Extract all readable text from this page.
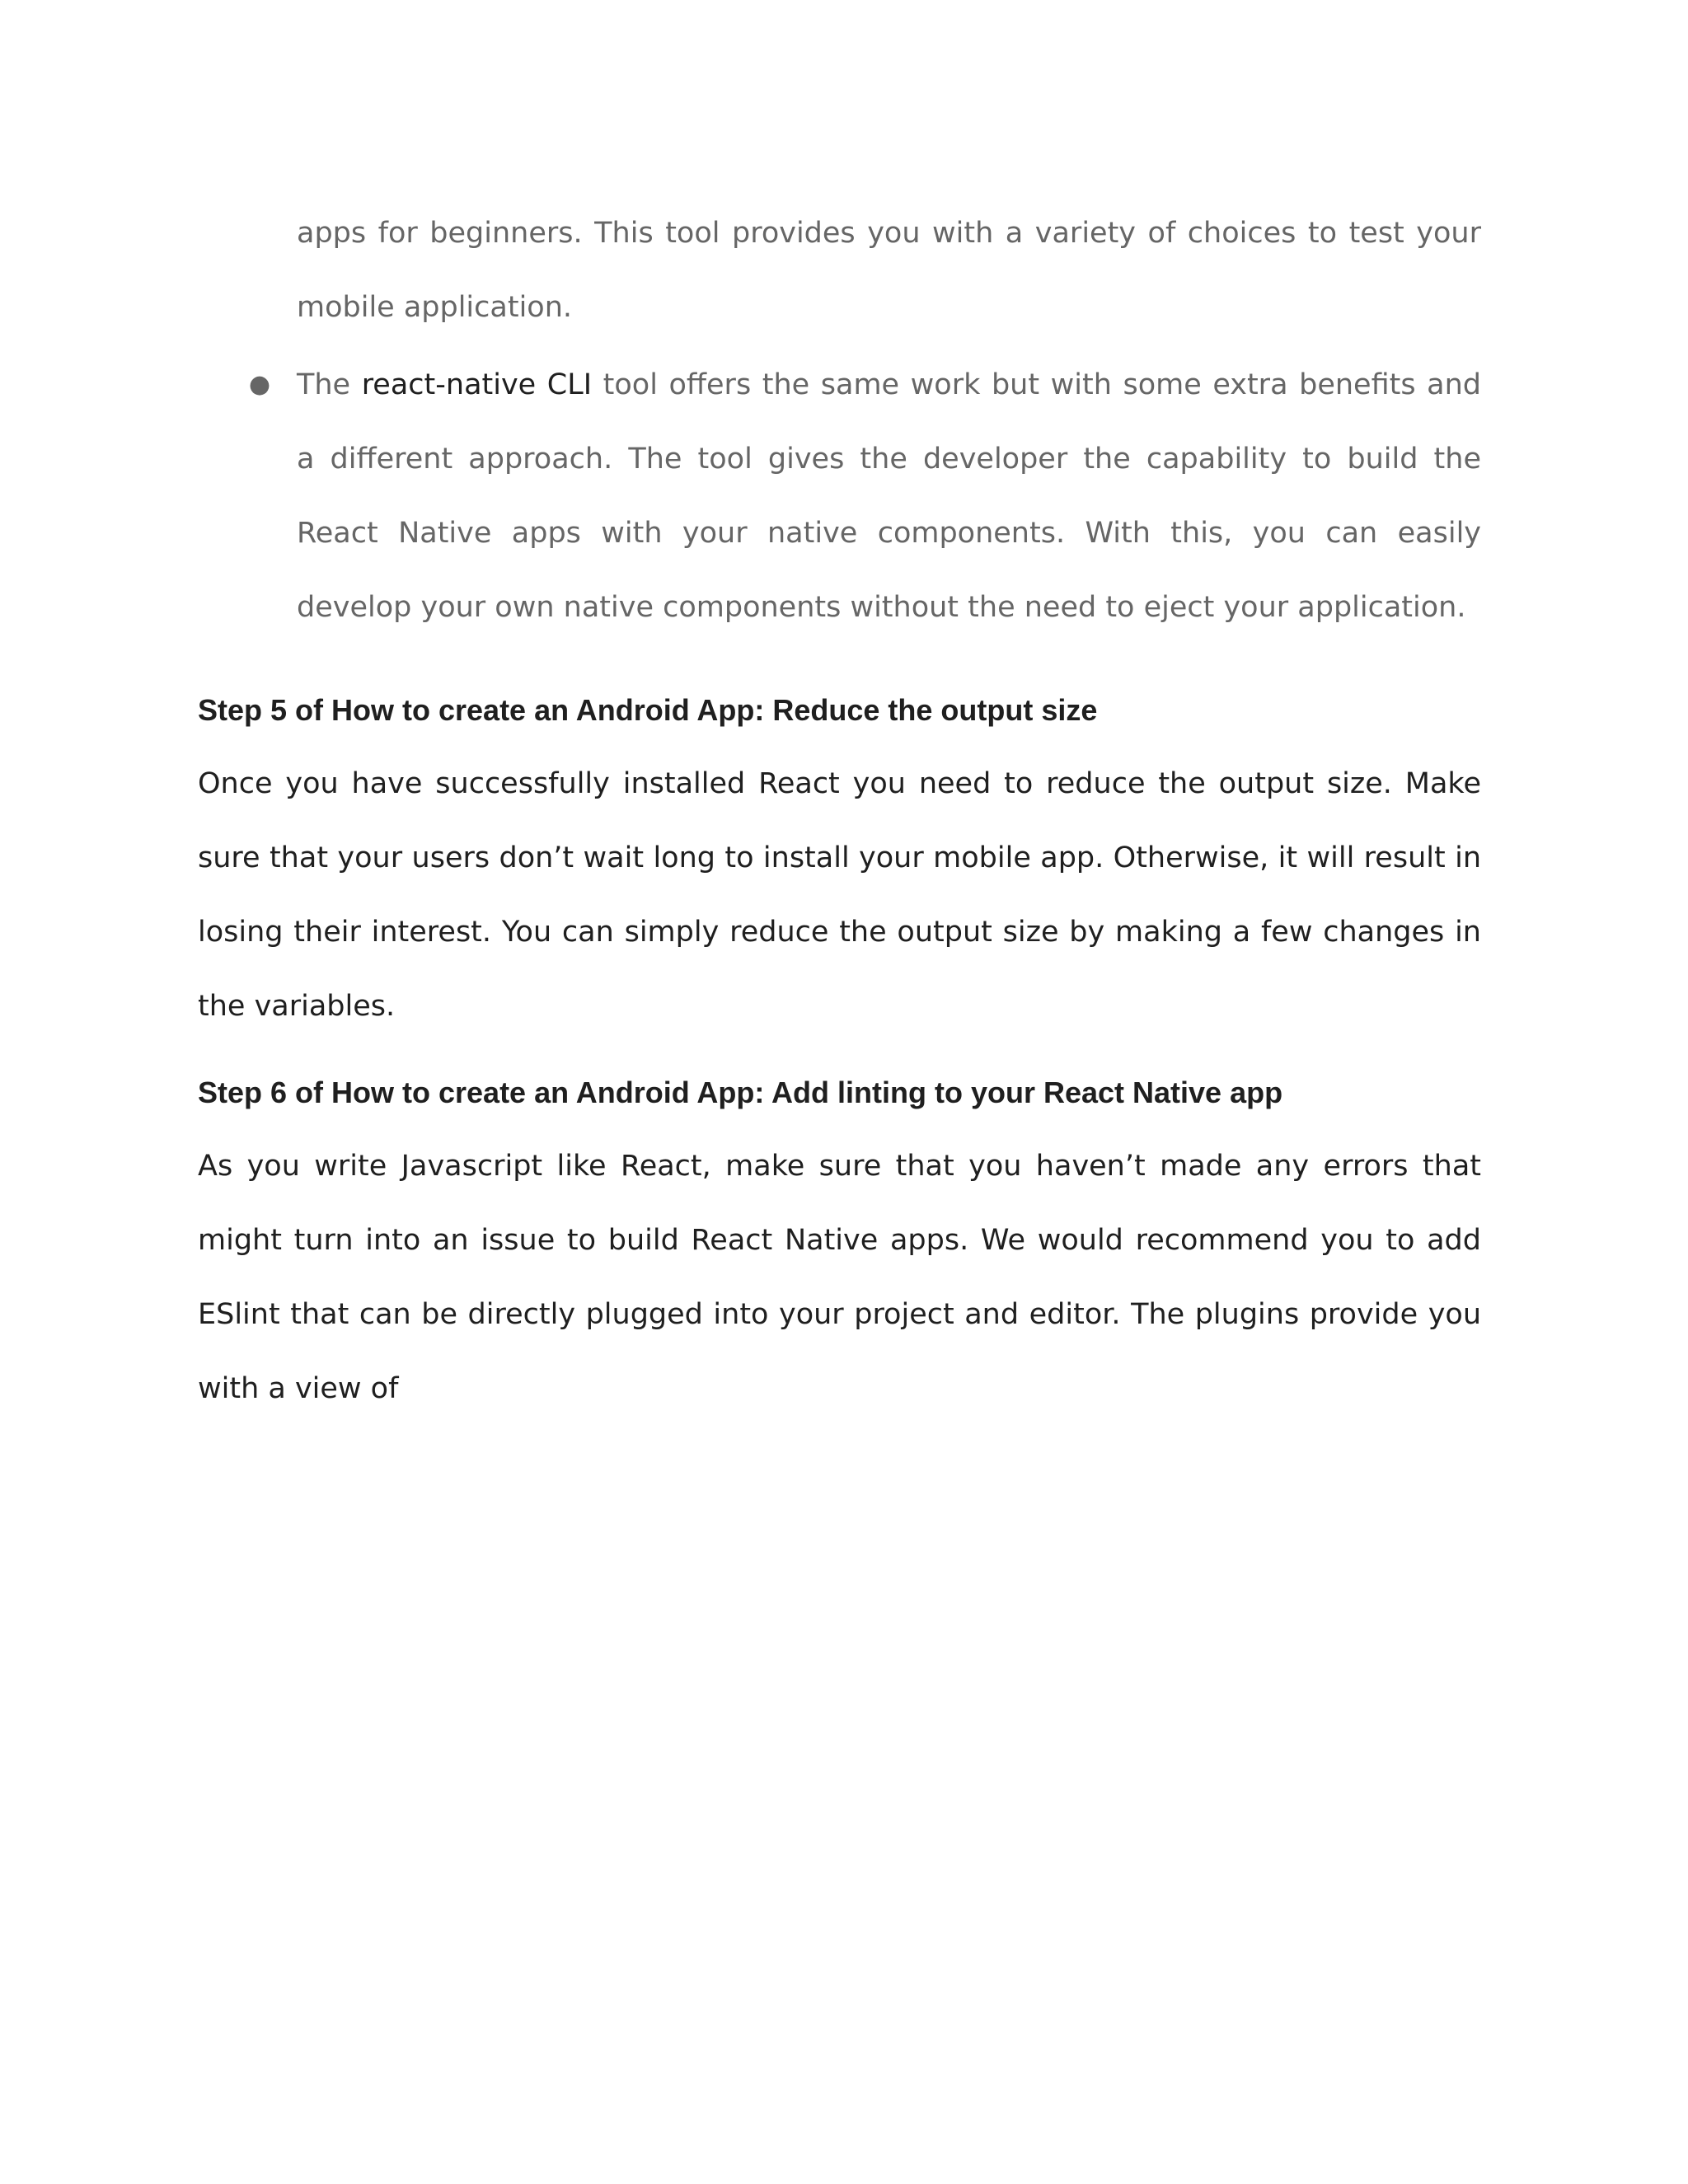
apps for beginners. This tool provides you with a variety of choices to test your mobile application.

● The react-native CLI tool offers the same work but with some extra benefits and a different approach. The tool gives the developer the capability to build the React Native apps with your native components. With this, you can easily develop your own native components without the need to eject your application.

Step 5 of How to create an Android App: Reduce the output size

Once you have successfully installed React you need to reduce the output size. Make sure that your users don’t wait long to install your mobile app. Otherwise, it will result in losing their interest. You can simply reduce the output size by making a few changes in the variables.

Step 6 of How to create an Android App: Add linting to your React Native app

As you write Javascript like React, make sure that you haven’t made any errors that might turn into an issue to build React Native apps. We would recommend you to add ESlint that can be directly plugged into your project and editor. The plugins provide you with a view of
